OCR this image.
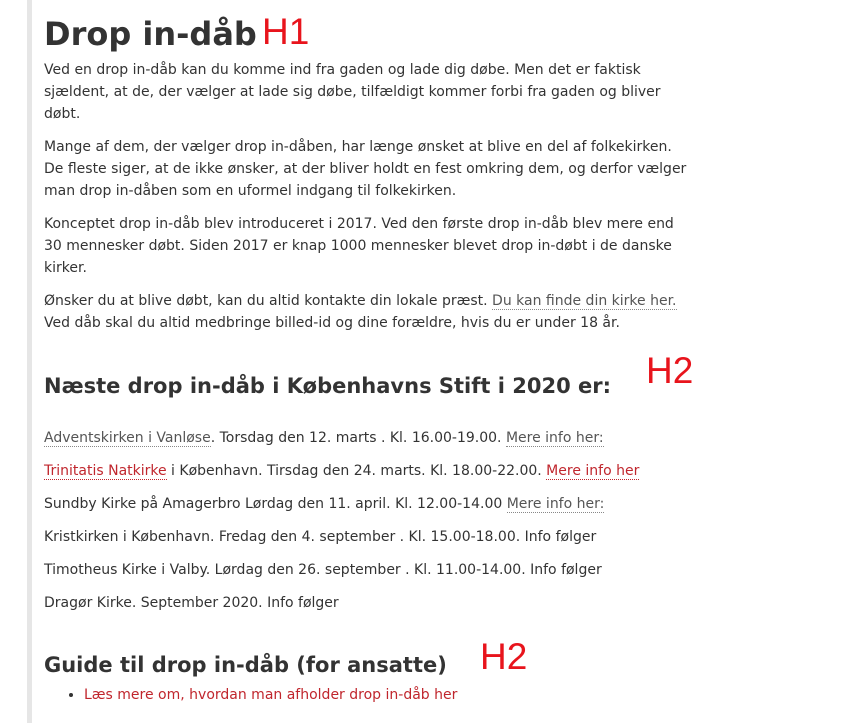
Drop in-dåb

Ved en drop in-dåb kan du komme ind fra gaden og lade dig døbe. Men det er faktisk sjældent, at de, der vælger at lade sig døbe, tilfældigt kommer forbi fra gaden og bliver døbt.

Mange af dem, der vælger drop in-dåben, har længe ønsket at blive en del af folkekirken. De fleste siger, at de ikke ønsker, at der bliver holdt en fest omkring dem, og derfor vælger man drop in-dåben som en uformel indgang til folkekirken.

Konceptet drop in-dåb blev introduceret i 2017. Ved den første drop in-dåb blev mere end 30 mennesker døbt. Siden 2017 er knap 1000 mennesker blevet drop in-døbt i de danske kirker.

Ønsker du at blive døbt, kan du altid kontakte din lokale præst. Du kan finde din kirke her. Ved dåb skal du altid medbringe billed-id og dine forældre, hvis du er under 18 år.

Næste drop in-dåb i Københavns Stift i 2020 er:

Adventskirken i Vanløse. Torsdag den 12. marts . Kl. 16.00-19.00. Mere info her:

Trinitatis Natkirke i København. Tirsdag den 24. marts. Kl. 18.00-22.00. Mere info her

Sundby Kirke på Amagerbro Lørdag den 11. april. Kl. 12.00-14.00 Mere info her:

Kristkirken i København. Fredag den 4. september . Kl. 15.00-18.00. Info følger

Timotheus Kirke i Valby. Lørdag den 26. september . Kl. 11.00-14.00. Info følger

Dragør Kirke. September 2020. Info følger

Guide til drop in-dåb (for ansatte)
• Læs mere om, hvordan man afholder drop in-dåb her
H1
H2
H2
